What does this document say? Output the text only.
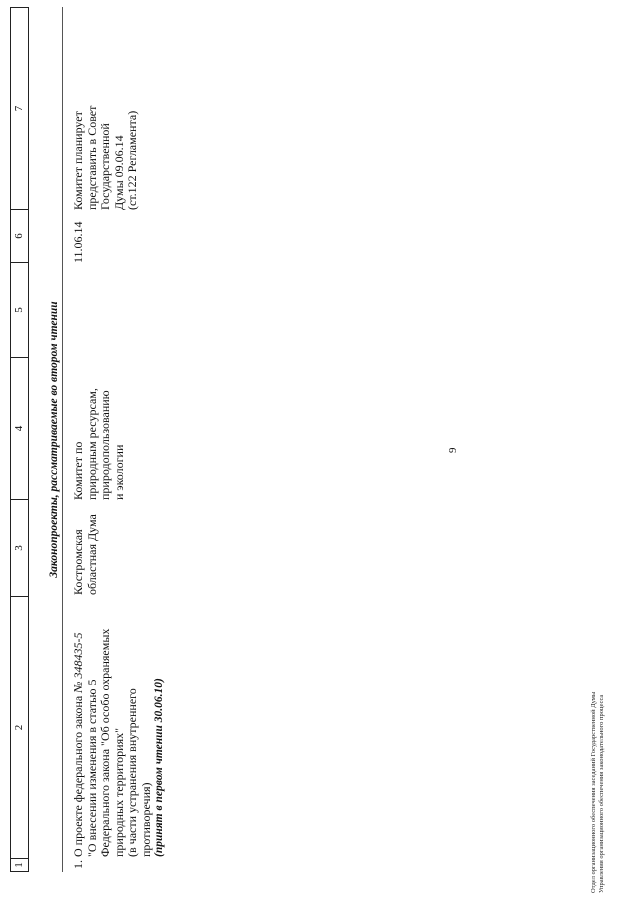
9
1
2
3
4
5
6
7
Законопроекты, рассматриваемые во втором чтении
1.
О проекте федерального закона № 348435-5
"О внесении изменения в статью 5 Федерального закона "Об особо охраняемых природных территориях" (в части устранения внутреннего противоречия) (принят в первом чтении 30.06.10)
Костромская областная Дума
Комитет по природным ресурсам, природопользованию и экологии
11.06.14
Комитет планирует представить в Совет Государственной Думы 09.06.14 (ст.122 Регламента)
Отдел организационного обеспечения заседаний Государственной Думы Управления организационного обеспечения законодательного процесса
